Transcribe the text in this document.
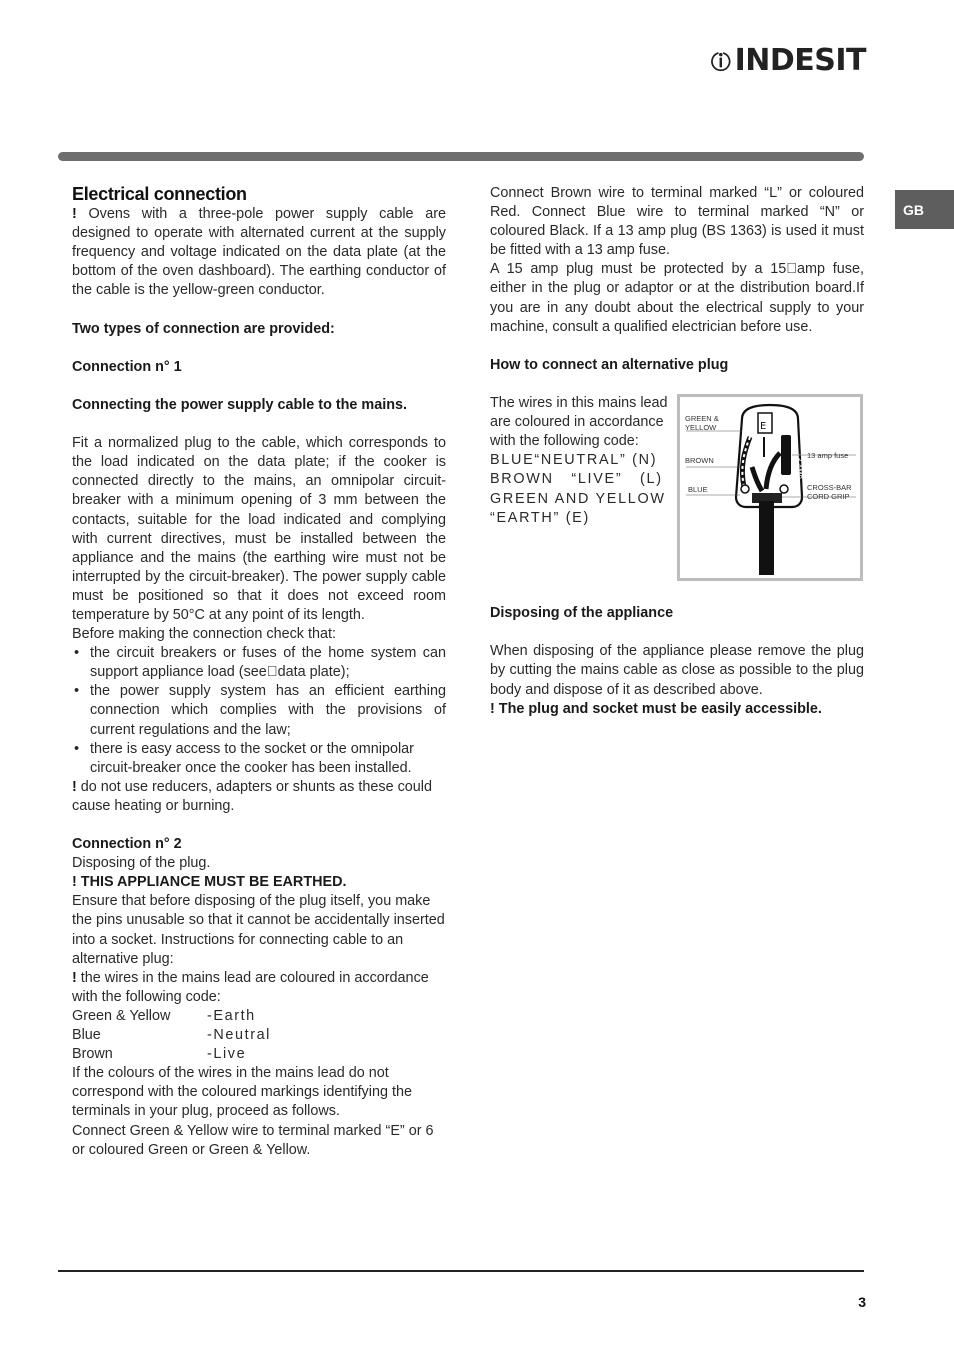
INDESIT
GB
Electrical connection

! Ovens with a three-pole power supply cable are designed to operate with alternated current at the supply frequency and voltage indicated on the data plate (at the bottom of the oven dashboard). The earthing conductor of the cable is the yellow-green conductor.

Two types of connection are provided:

Connection n° 1

Connecting the power supply cable to the mains.

Fit a normalized plug to the cable, which corresponds to the load indicated on the data plate; if the cooker is connected directly to the mains, an omnipolar circuit-breaker with a minimum opening of 3 mm between the contacts, suitable for the load indicated and complying with current directives, must be installed between the appliance and the mains (the earthing wire must not be interrupted by the circuit-breaker). The power supply cable must be positioned so that it does not exceed room temperature by 50°C at any point of its length.

Before making the connection check that:

• the circuit breakers or fuses of the home system can support appliance load (see data plate);
• the power supply system has an efficient earthing connection which complies with the provisions of current regulations and the law;
• there is easy access to the socket or the omnipolar circuit-breaker once the cooker has been installed.

! do not use reducers, adapters or shunts as these could cause heating or burning.

Connection n° 2

Disposing of the plug.

! THIS APPLIANCE MUST BE EARTHED.

Ensure that before disposing of the plug itself, you make the pins unusable so that it cannot be accidentally inserted into a socket. Instructions for connecting cable to an alternative plug:

! the wires in the mains lead are coloured in accordance with the following code:

Green & Yellow	-Earth
Blue	-Neutral
Brown	-Live

If the colours of the wires in the mains lead do not correspond with the coloured markings identifying the terminals in your plug, proceed as follows.

Connect Green & Yellow wire to terminal marked “E” or 6 or coloured Green or Green & Yellow.

Connect Brown wire to terminal marked “L” or coloured Red. Connect Blue wire to terminal marked “N” or coloured Black. If a 13 amp plug (BS 1363) is used it must be fitted with a 13 amp fuse.

A 15 amp plug must be protected by a 15 amp fuse, either in the plug or adaptor or at the distribution board.If you are in any doubt about the electrical supply to your machine, consult a qualified electrician before use.

How to connect an alternative plug

The wires in this mains lead are coloured in accordance with the following code:

BLUE“NEUTRAL” (N)

BROWN “LIVE” (L)

GREEN AND YELLOW “EARTH” (E)

E
13 AMP
GREEN &
YELLOW
BROWN
BLUE
13 amp fuse
CROSS-BAR
CORD GRIP

Disposing of the appliance

When disposing of the appliance please remove the plug by cutting the mains cable as close as possible to the plug body and dispose of it as described above.

! The plug and socket must be easily accessible.

3
